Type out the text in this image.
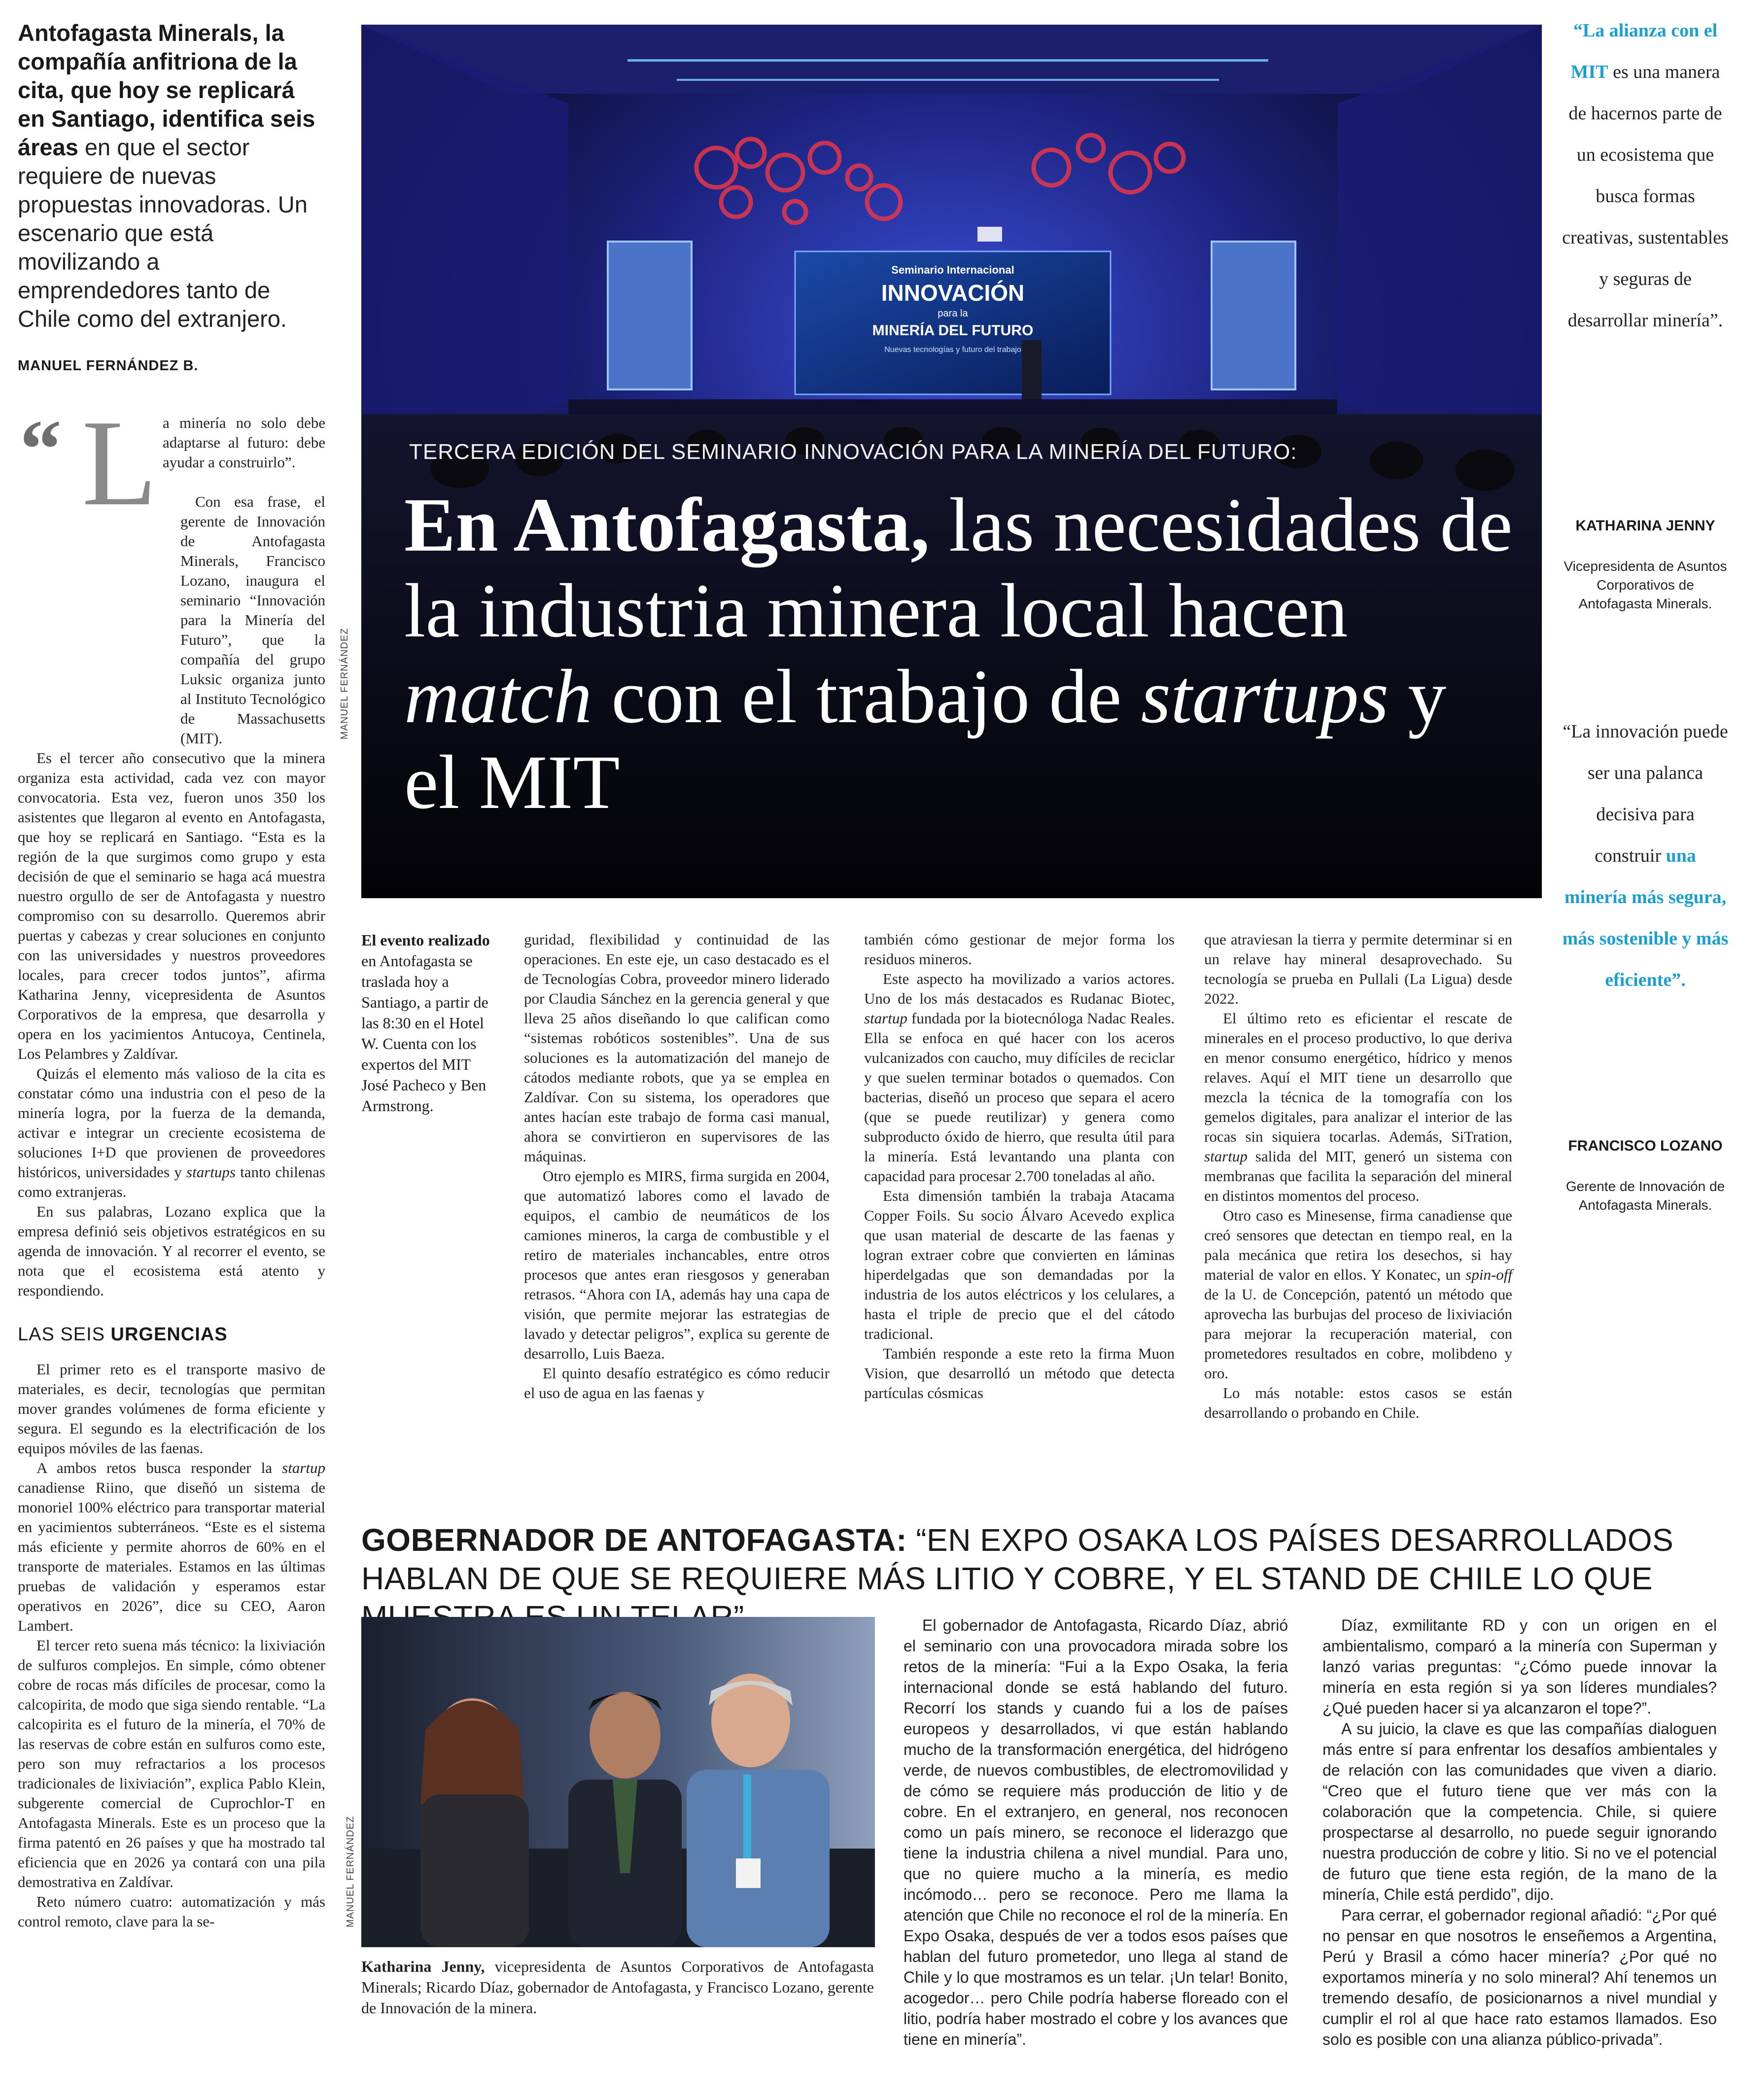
Antofagasta Minerals, la compañía anfitriona de la cita, que hoy se replicará en Santiago, identifica seis áreas en que el sector requiere de nuevas propuestas innovadoras. Un escenario que está movilizando a emprendedores tanto de Chile como del extranjero.
MANUEL FERNÁNDEZ B.
Seminario Internacional
INNOVACIÓN
para la
MINERÍA DEL FUTURO
Nuevas tecnologías y futuro del trabajo
MANUEL FERNÁNDEZ
TERCERA EDICIÓN DEL SEMINARIO INNOVACIÓN PARA LA MINERÍA DEL FUTURO:
En Antofagasta, las necesidades de la industria minera local hacen match con el trabajo de startups y el MIT
“La alianza con el MIT es una manera de hacernos parte de un ecosistema que busca formas creativas, sustentables y seguras de desarrollar minería”.
KATHARINA JENNY
Vicepresidenta de Asuntos Corporativos de Antofagasta Minerals.
“La innovación puede ser una palanca decisiva para construir una minería más segura, más sostenible y más eficiente”.
FRANCISCO LOZANO
Gerente de Innovación de Antofagasta Minerals.
“ L a minería no solo debe adaptarse al futuro: debe ayudar a construirlo”.

Con esa frase, el gerente de Innovación de Antofagasta Minerals, Francisco Lozano, inaugura el seminario “Innovación para la Minería del Futuro”, que la compañía del grupo Luksic organiza junto al Instituto Tecnológico de Massachusetts (MIT).

Es el tercer año consecutivo que la minera organiza esta actividad, cada vez con mayor convocatoria. Esta vez, fueron unos 350 los asistentes que llegaron al evento en Antofagasta, que hoy se replicará en Santiago. “Esta es la región de la que surgimos como grupo y esta decisión de que el seminario se haga acá muestra nuestro orgullo de ser de Antofagasta y nuestro compromiso con su desarrollo. Queremos abrir puertas y cabezas y crear soluciones en conjunto con las universidades y nuestros proveedores locales, para crecer todos juntos”, afirma Katharina Jenny, vicepresidenta de Asuntos Corporativos de la empresa, que desarrolla y opera en los yacimientos Antucoya, Centinela, Los Pelambres y Zaldívar.

Quizás el elemento más valioso de la cita es constatar cómo una industria con el peso de la minería logra, por la fuerza de la demanda, activar e integrar un creciente ecosistema de soluciones I+D que provienen de proveedores históricos, universidades y startups tanto chilenas como extranjeras.

En sus palabras, Lozano explica que la empresa definió seis objetivos estratégicos en su agenda de innovación. Y al recorrer el evento, se nota que el ecosistema está atento y respondiendo.

LAS SEIS URGENCIAS

El primer reto es el transporte masivo de materiales, es decir, tecnologías que permitan mover grandes volúmenes de forma eficiente y segura. El segundo es la electrificación de los equipos móviles de las faenas.

A ambos retos busca responder la startup canadiense Riino, que diseñó un sistema de monoriel 100% eléctrico para transportar material en yacimientos subterráneos. “Este es el sistema más eficiente y permite ahorros de 60% en el transporte de materiales. Estamos en las últimas pruebas de validación y esperamos estar operativos en 2026”, dice su CEO, Aaron Lambert.

El tercer reto suena más técnico: la lixiviación de sulfuros complejos. En simple, cómo obtener cobre de rocas más difíciles de procesar, como la calcopirita, de modo que siga siendo rentable. “La calcopirita es el futuro de la minería, el 70% de las reservas de cobre están en sulfuros como este, pero son muy refractarios a los procesos tradicionales de lixiviación”, explica Pablo Klein, subgerente comercial de Cuprochlor-T en Antofagasta Minerals. Este es un proceso que la firma patentó en 26 países y que ha mostrado tal eficiencia que en 2026 ya contará con una pila demostrativa en Zaldívar.

Reto número cuatro: automatización y más control remoto, clave para la se-

El evento realizado en Antofagasta se traslada hoy a Santiago, a partir de las 8:30 en el Hotel W. Cuenta con los expertos del MIT José Pacheco y Ben Armstrong.

guridad, flexibilidad y continuidad de las operaciones. En este eje, un caso destacado es el de Tecnologías Cobra, proveedor minero liderado por Claudia Sánchez en la gerencia general y que lleva 25 años diseñando lo que califican como “sistemas robóticos sostenibles”. Una de sus soluciones es la automatización del manejo de cátodos mediante robots, que ya se emplea en Zaldívar. Con su sistema, los operadores que antes hacían este trabajo de forma casi manual, ahora se convirtieron en supervisores de las máquinas.

Otro ejemplo es MIRS, firma surgida en 2004, que automatizó labores como el lavado de equipos, el cambio de neumáticos de los camiones mineros, la carga de combustible y el retiro de materiales inchancables, entre otros procesos que antes eran riesgosos y generaban retrasos. “Ahora con IA, además hay una capa de visión, que permite mejorar las estrategias de lavado y detectar peligros”, explica su gerente de desarrollo, Luis Baeza.

El quinto desafío estratégico es cómo reducir el uso de agua en las faenas y

también cómo gestionar de mejor forma los residuos mineros.

Este aspecto ha movilizado a varios actores. Uno de los más destacados es Rudanac Biotec, startup fundada por la biotecnóloga Nadac Reales. Ella se enfoca en qué hacer con los aceros vulcanizados con caucho, muy difíciles de reciclar y que suelen terminar botados o quemados. Con bacterias, diseñó un proceso que separa el acero (que se puede reutilizar) y genera como subproducto óxido de hierro, que resulta útil para la minería. Está levantando una planta con capacidad para procesar 2.700 toneladas al año.

Esta dimensión también la trabaja Atacama Copper Foils. Su socio Álvaro Acevedo explica que usan material de descarte de las faenas y logran extraer cobre que convierten en láminas hiperdelgadas que son demandadas por la industria de los autos eléctricos y los celulares, a hasta el triple de precio que el del cátodo tradicional.

También responde a este reto la firma Muon Vision, que desarrolló un método que detecta partículas cósmicas

que atraviesan la tierra y permite determinar si en un relave hay mineral desaprovechado. Su tecnología se prueba en Pullali (La Ligua) desde 2022.

El último reto es eficientar el rescate de minerales en el proceso productivo, lo que deriva en menor consumo energético, hídrico y menos relaves. Aquí el MIT tiene un desarrollo que mezcla la técnica de la tomografía con los gemelos digitales, para analizar el interior de las rocas sin siquiera tocarlas. Además, SiTration, startup salida del MIT, generó un sistema con membranas que facilita la separación del mineral en distintos momentos del proceso.

Otro caso es Minesense, firma canadiense que creó sensores que detectan en tiempo real, en la pala mecánica que retira los desechos, si hay material de valor en ellos. Y Konatec, un spin-off de la U. de Concepción, patentó un método que aprovecha las burbujas del proceso de lixiviación para mejorar la recuperación material, con prometedores resultados en cobre, molibdeno y oro.

Lo más notable: estos casos se están desarrollando o probando en Chile.

GOBERNADOR DE ANTOFAGASTA: “EN EXPO OSAKA LOS PAÍSES DESARROLLADOS HABLAN DE QUE SE REQUIERE MÁS LITIO Y COBRE, Y EL STAND DE CHILE LO QUE
MANUEL FERNÁNDEZ
Katharina Jenny, vicepresidenta de Asuntos Corporativos de Antofagasta Minerals; Ricardo Díaz, gobernador de Antofagasta, y Francisco Lozano, gerente de Innovación de la minera.

El gobernador de Antofagasta, Ricardo Díaz, abrió el seminario con una provocadora mirada sobre los retos de la minería: “Fui a la Expo Osaka, la feria internacional donde se está hablando del futuro. Recorrí los stands y cuando fui a los de países europeos y desarrollados, vi que están hablando mucho de la transformación energética, del hidrógeno verde, de nuevos combustibles, de electromovilidad y de cómo se requiere más producción de litio y de cobre. En el extranjero, en general, nos reconocen como un país minero, se reconoce el liderazgo que tiene la industria chilena a nivel mundial. Para uno, que no quiere mucho a la minería, es medio incómodo… pero se reconoce. Pero me llama la atención que Chile no reconoce el rol de la minería. En Expo Osaka, después de ver a todos esos países que hablan del futuro prometedor, uno llega al stand de Chile y lo que mostramos es un telar. ¡Un telar! Bonito, acogedor… pero Chile podría haberse floreado con el litio, podría haber mostrado el cobre y los avances que tiene en minería”.

Díaz, exmilitante RD y con un origen en el ambientalismo, comparó a la minería con Superman y lanzó varias preguntas: “¿Cómo puede innovar la minería en esta región si ya son líderes mundiales? ¿Qué pueden hacer si ya alcanzaron el tope?”.

A su juicio, la clave es que las compañías dialoguen más entre sí para enfrentar los desafíos ambientales y de relación con las comunidades que viven a diario. “Creo que el futuro tiene que ver más con la colaboración que la competencia. Chile, si quiere prospectarse al desarrollo, no puede seguir ignorando nuestra producción de cobre y litio. Si no ve el potencial de futuro que tiene esta región, de la mano de la minería, Chile está perdido”, dijo.

Para cerrar, el gobernador regional añadió: “¿Por qué no pensar en que nosotros le enseñemos a Argentina, Perú y Brasil a cómo hacer minería? ¿Por qué no exportamos minería y no solo mineral? Ahí tenemos un tremendo desafío, de posicionarnos a nivel mundial y cumplir el rol al que hace rato estamos llamados. Eso solo es posible con una alianza público-privada”.
